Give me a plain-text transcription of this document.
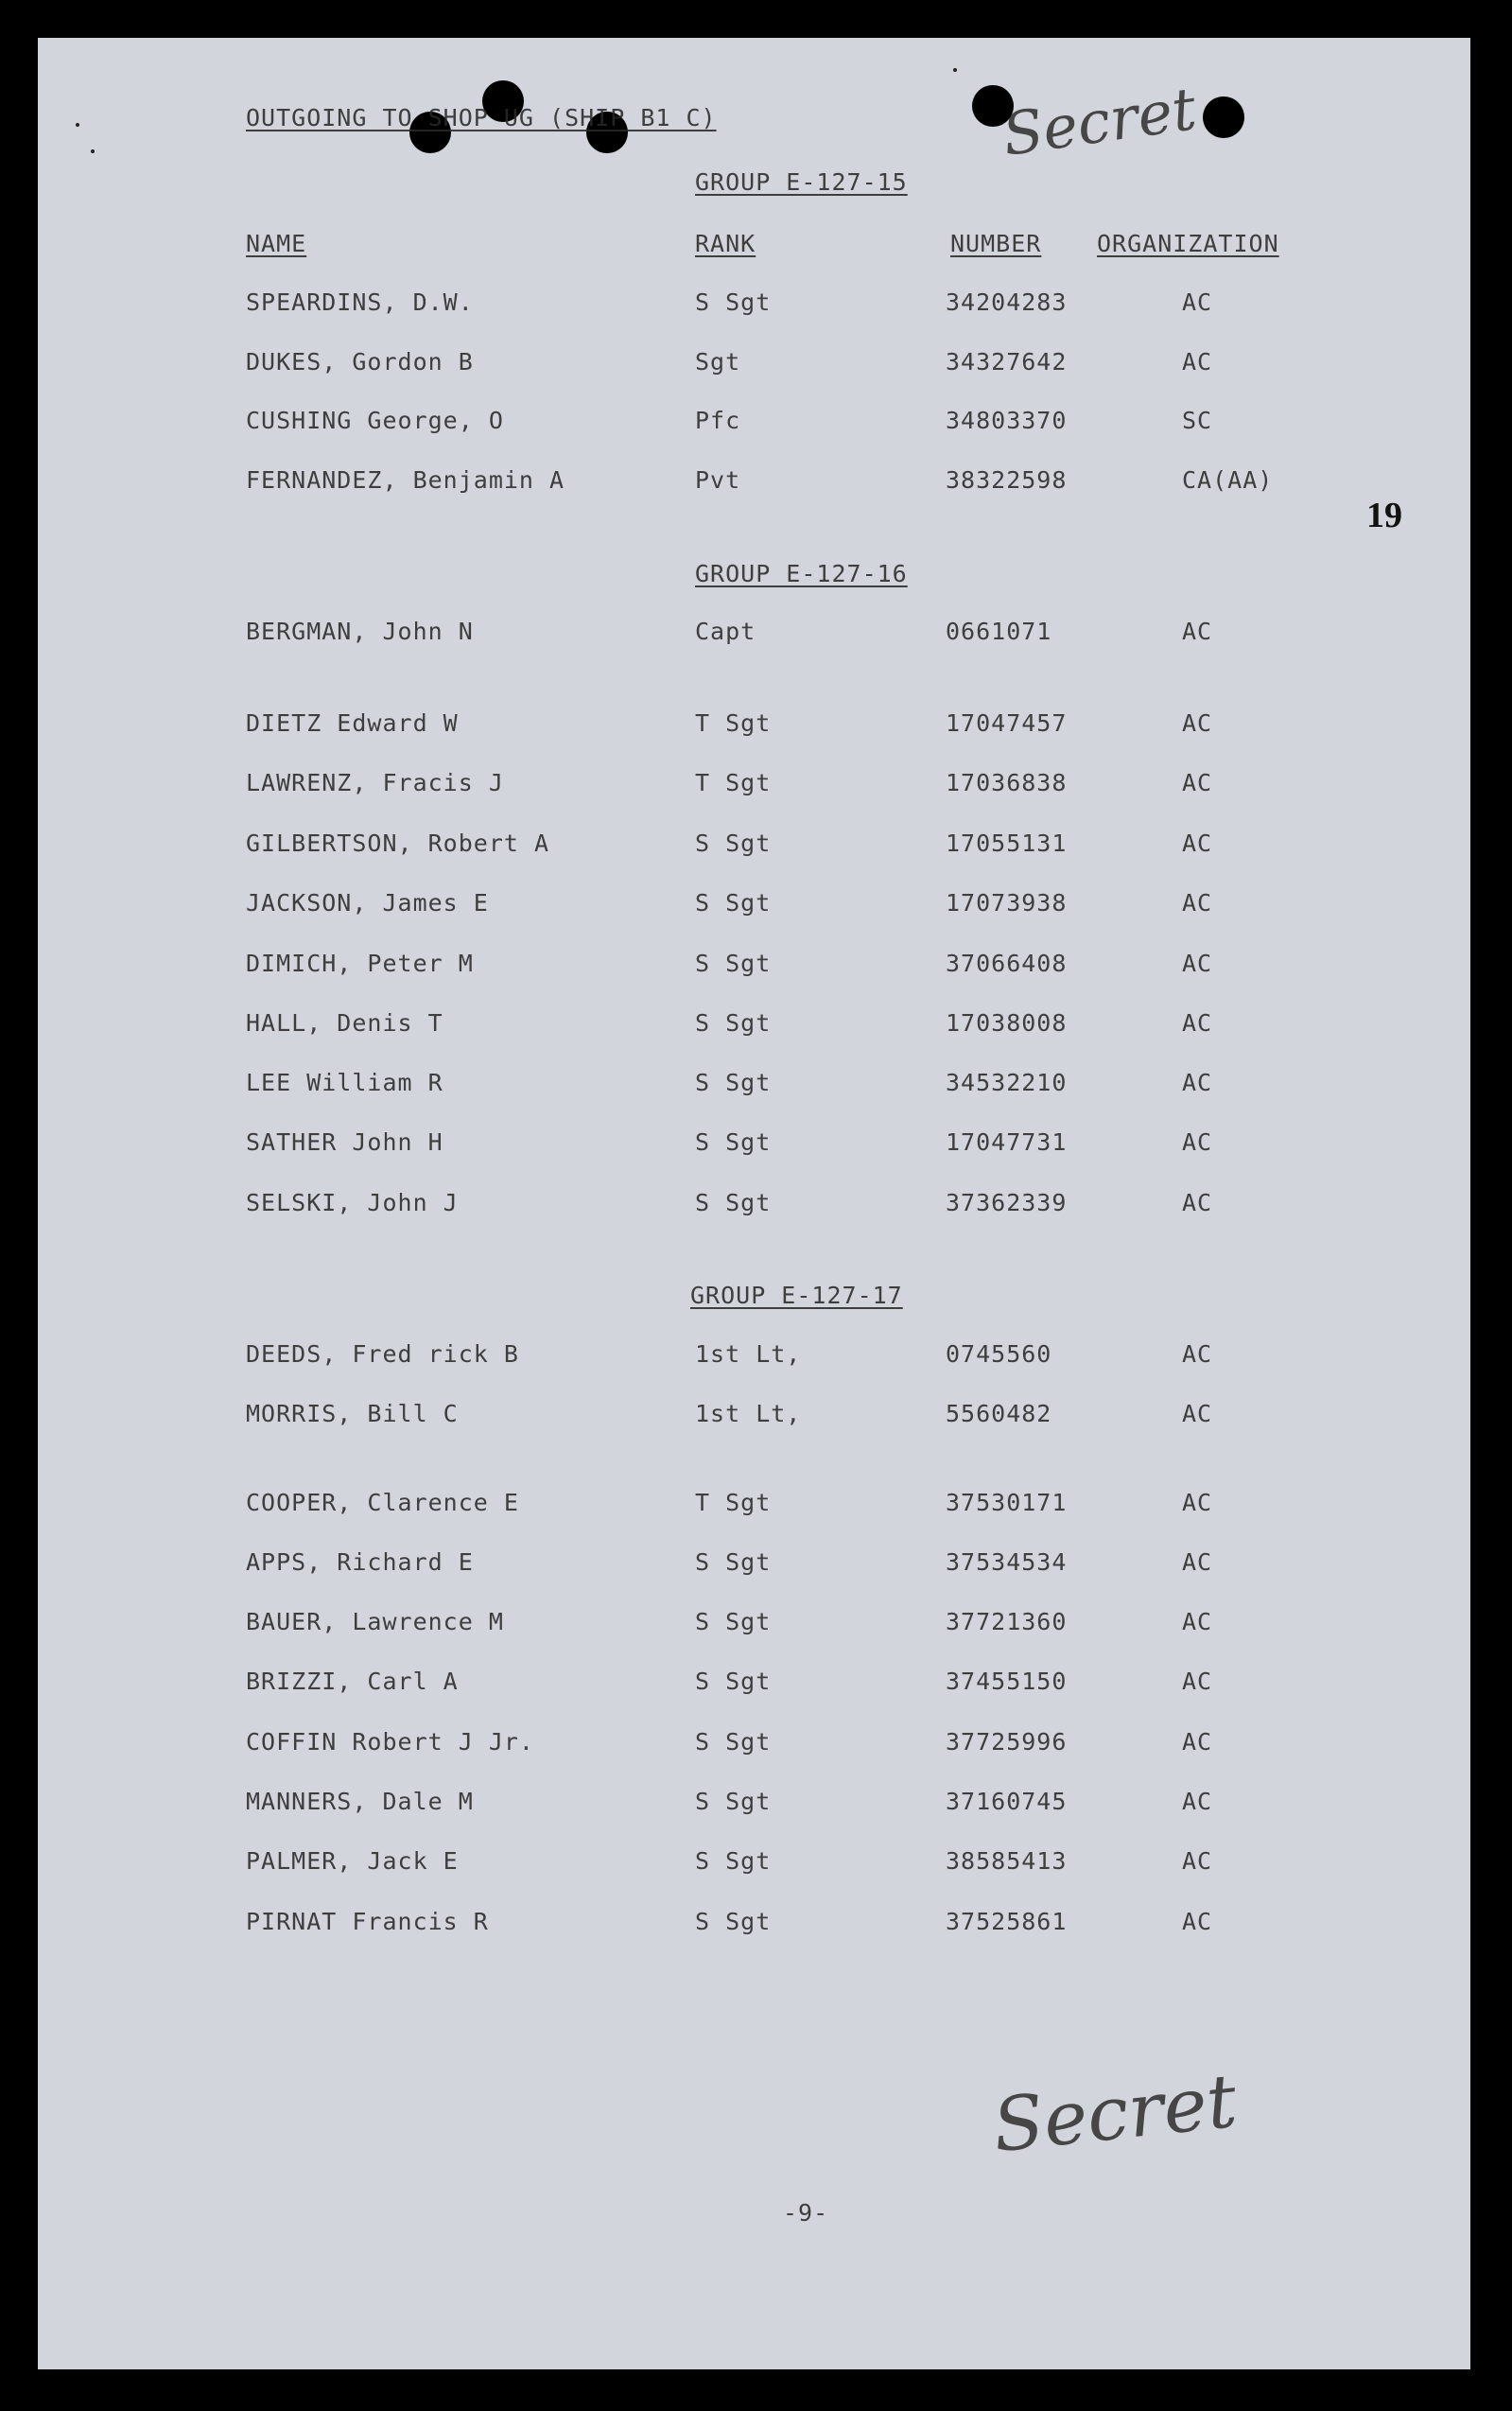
OUTGOING TO SHOP UG (SHIP B1 C)	Secret
GROUP E-127-15
NAME	RANK	NUMBER ORGANIZATION
SPEARDINS, D.W.	S Sgt	34204283	AC
DUKES, Gordon B	Sgt	34327642	AC
CUSHING George, O	Pfc	34803370	SC
FERNANDEZ, Benjamin A	Pvt	38322598	CA(AA)
19
GROUP E-127-16
BERGMAN, John N	Capt	0661071	AC
DIETZ Edward W	T Sgt	17047457	AC
LAWRENZ, Fracis J	T Sgt	17036838	AC
GILBERTSON, Robert A	S Sgt	17055131	AC
JACKSON, James E	S Sgt	17073938	AC
DIMICH, Peter M	S Sgt	37066408	AC
HALL, Denis T	S Sgt	17038008	AC
LEE William R	S Sgt	34532210	AC
SATHER John H	S Sgt	17047731	AC
SELSKI, John J	S Sgt	37362339	AC
GROUP E-127-17
DEEDS, Fred rick B	1st Lt,	0745560	AC
MORRIS, Bill C	1st Lt,	5560482	AC
COOPER, Clarence E	T Sgt	37530171	AC
APPS, Richard E	S Sgt	37534534	AC
BAUER, Lawrence M	S Sgt	37721360	AC
BRIZZI, Carl A	S Sgt	37455150	AC
COFFIN Robert J Jr.	S Sgt	37725996	AC
MANNERS, Dale M	S Sgt	37160745	AC
PALMER, Jack E	S Sgt	38585413	AC
PIRNAT Francis R	S Sgt	37525861	AC
Secret
-9-
